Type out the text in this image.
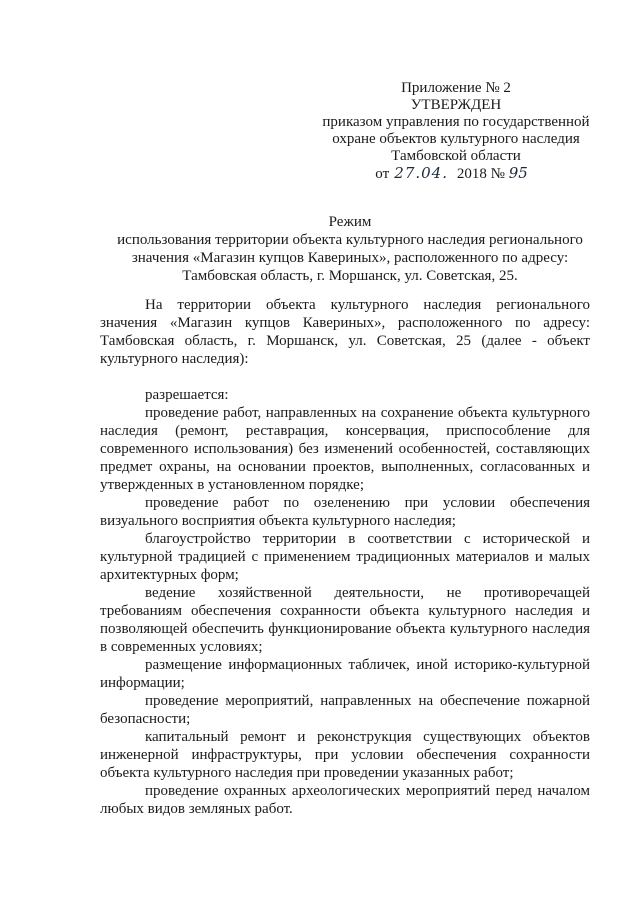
Приложение № 2
УТВЕРЖДЕН
приказом управления по государственной
охране объектов культурного наследия
Тамбовской области
от 27.04. 2018 № 95
Режим
использования территории объекта культурного наследия регионального
значения «Магазин купцов Кавериных», расположенного по адресу:
Тамбовская область, г. Моршанск, ул. Советская, 25.

На территории объекта культурного наследия регионального значения «Магазин купцов Кавериных», расположенного по адресу: Тамбовская область, г. Моршанск, ул. Советская, 25 (далее - объект культурного наследия):

разрешается:

проведение работ, направленных на сохранение объекта культурного наследия (ремонт, реставрация, консервация, приспособление для современного использования) без изменений особенностей, составляющих предмет охраны, на основании проектов, выполненных, согласованных и утвержденных в установленном порядке;

проведение работ по озеленению при условии обеспечения визуального восприятия объекта культурного наследия;

благоустройство территории в соответствии с исторической и культурной традицией с применением традиционных материалов и малых архитектурных форм;

ведение хозяйственной деятельности, не противоречащей требованиям обеспечения сохранности объекта культурного наследия и позволяющей обеспечить функционирование объекта культурного наследия в современных условиях;

размещение информационных табличек, иной историко-культурной информации;

проведение мероприятий, направленных на обеспечение пожарной безопасности;

капитальный ремонт и реконструкция существующих объектов инженерной инфраструктуры, при условии обеспечения сохранности объекта культурного наследия при проведении указанных работ;

проведение охранных археологических мероприятий перед началом любых видов земляных работ.
